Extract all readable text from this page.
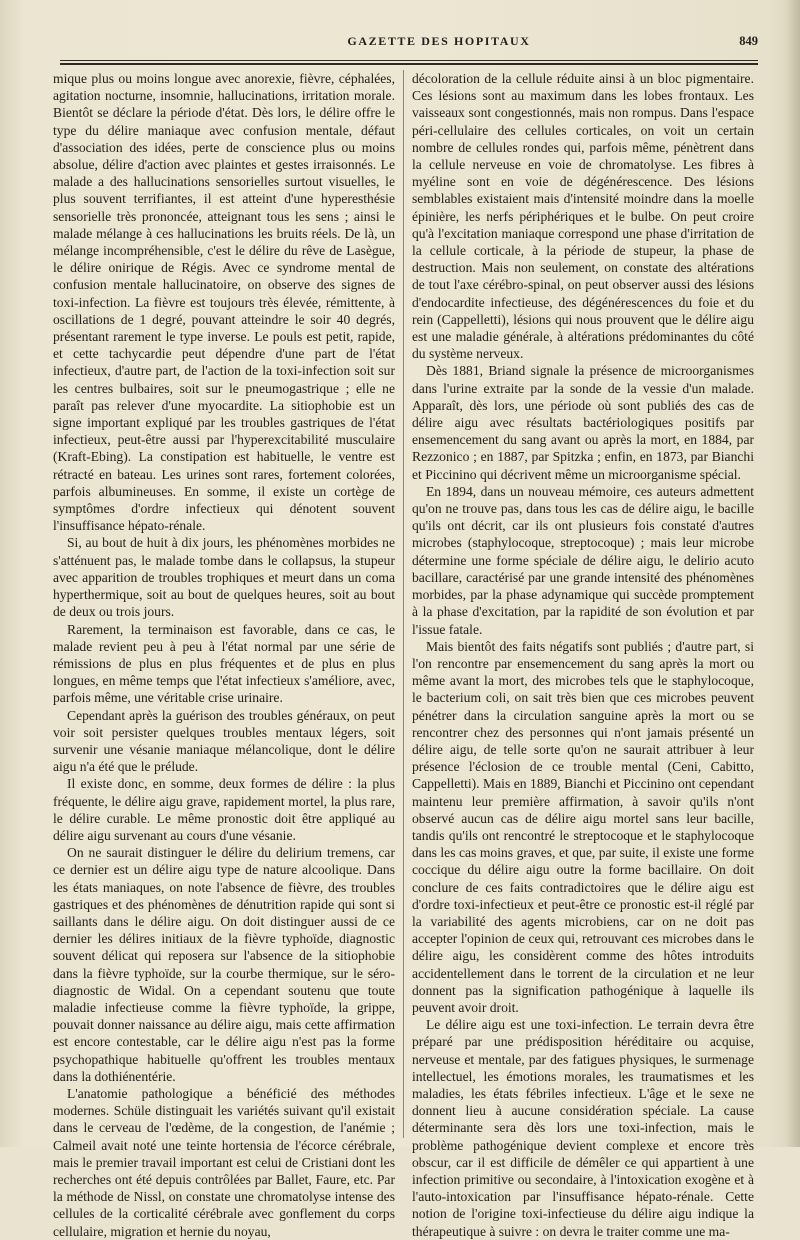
GAZETTE DES HOPITAUX	849

mique plus ou moins longue avec anorexie, fièvre, céphalées, agitation nocturne, insomnie, hallucinations, irritation morale. Bientôt se déclare la période d'état. Dès lors, le délire offre le type du délire maniaque avec confusion mentale, défaut d'association des idées, perte de conscience plus ou moins absolue, délire d'action avec plaintes et gestes irraisonnés. Le malade a des hallucinations sensorielles surtout visuelles, le plus souvent terrifiantes, il est atteint d'une hyperesthésie sensorielle très prononcée, atteignant tous les sens ; ainsi le malade mélange à ces hallucinations les bruits réels. De là, un mélange incompréhensible, c'est le délire du rêve de Lasègue, le délire onirique de Régis. Avec ce syndrome mental de confusion mentale hallucinatoire, on observe des signes de toxi-infection. La fièvre est toujours très élevée, rémittente, à oscillations de 1 degré, pouvant atteindre le soir 40 degrés, présentant rarement le type inverse. Le pouls est petit, rapide, et cette tachycardie peut dépendre d'une part de l'état infectieux, d'autre part, de l'action de la toxi-infection soit sur les centres bulbaires, soit sur le pneumogastrique ; elle ne paraît pas relever d'une myocardite. La sitiophobie est un signe important expliqué par les troubles gastriques de l'état infectieux, peut-être aussi par l'hyperexcitabilité musculaire (Kraft-Ebing). La constipation est habituelle, le ventre est rétracté en bateau. Les urines sont rares, fortement colorées, parfois albumineuses. En somme, il existe un cortège de symptômes d'ordre infectieux qui dénotent souvent l'insuffisance hépato-rénale.

Si, au bout de huit à dix jours, les phénomènes morbides ne s'atténuent pas, le malade tombe dans le collapsus, la stupeur avec apparition de troubles trophiques et meurt dans un coma hyperthermique, soit au bout de quelques heures, soit au bout de deux ou trois jours.

Rarement, la terminaison est favorable, dans ce cas, le malade revient peu à peu à l'état normal par une série de rémissions de plus en plus fréquentes et de plus en plus longues, en même temps que l'état infectieux s'améliore, avec, parfois même, une véritable crise urinaire.

Cependant après la guérison des troubles généraux, on peut voir soit persister quelques troubles mentaux légers, soit survenir une vésanie maniaque mélancolique, dont le délire aigu n'a été que le prélude.

Il existe donc, en somme, deux formes de délire : la plus fréquente, le délire aigu grave, rapidement mortel, la plus rare, le délire curable. Le même pronostic doit être appliqué au délire aigu survenant au cours d'une vésanie.

On ne saurait distinguer le délire du delirium tremens, car ce dernier est un délire aigu type de nature alcoolique. Dans les états maniaques, on note l'absence de fièvre, des troubles gastriques et des phénomènes de dénutrition rapide qui sont si saillants dans le délire aigu. On doit distinguer aussi de ce dernier les délires initiaux de la fièvre typhoïde, diagnostic souvent délicat qui reposera sur l'absence de la sitiophobie dans la fièvre typhoïde, sur la courbe thermique, sur le séro-diagnostic de Widal. On a cependant soutenu que toute maladie infectieuse comme la fièvre typhoïde, la grippe, pouvait donner naissance au délire aigu, mais cette affirmation est encore contestable, car le délire aigu n'est pas la forme psychopathique habituelle qu'offrent les troubles mentaux dans la dothiénentérie.

L'anatomie pathologique a bénéficié des méthodes modernes. Schüle distinguait les variétés suivant qu'il existait dans le cerveau de l'œdème, de la congestion, de l'anémie ; Calmeil avait noté une teinte hortensia de l'écorce cérébrale, mais le premier travail important est celui de Cristiani dont les recherches ont été depuis contrôlées par Ballet, Faure, etc. Par la méthode de Nissl, on constate une chromatolyse intense des cellules de la corticalité cérébrale avec gonflement du corps cellulaire, migration et hernie du noyau,

décoloration de la cellule réduite ainsi à un bloc pigmentaire. Ces lésions sont au maximum dans les lobes frontaux. Les vaisseaux sont congestionnés, mais non rompus. Dans l'espace péri-cellulaire des cellules corticales, on voit un certain nombre de cellules rondes qui, parfois même, pénètrent dans la cellule nerveuse en voie de chromatolyse. Les fibres à myéline sont en voie de dégénérescence. Des lésions semblables existaient mais d'intensité moindre dans la moelle épinière, les nerfs périphériques et le bulbe. On peut croire qu'à l'excitation maniaque correspond une phase d'irritation de la cellule corticale, à la période de stupeur, la phase de destruction. Mais non seulement, on constate des altérations de tout l'axe cérébro-spinal, on peut observer aussi des lésions d'endocardite infectieuse, des dégénérescences du foie et du rein (Cappelletti), lésions qui nous prouvent que le délire aigu est une maladie générale, à altérations prédominantes du côté du système nerveux.

Dès 1881, Briand signale la présence de microorganismes dans l'urine extraite par la sonde de la vessie d'un malade. Apparaît, dès lors, une période où sont publiés des cas de délire aigu avec résultats bactériologiques positifs par ensemencement du sang avant ou après la mort, en 1884, par Rezzonico ; en 1887, par Spitzka ; enfin, en 1873, par Bianchi et Piccinino qui décrivent même un microorganisme spécial.

En 1894, dans un nouveau mémoire, ces auteurs admettent qu'on ne trouve pas, dans tous les cas de délire aigu, le bacille qu'ils ont décrit, car ils ont plusieurs fois constaté d'autres microbes (staphylocoque, streptocoque) ; mais leur microbe détermine une forme spéciale de délire aigu, le delirio acuto bacillare, caractérisé par une grande intensité des phénomènes morbides, par la phase adynamique qui succède promptement à la phase d'excitation, par la rapidité de son évolution et par l'issue fatale.

Mais bientôt des faits négatifs sont publiés ; d'autre part, si l'on rencontre par ensemencement du sang après la mort ou même avant la mort, des microbes tels que le staphylocoque, le bacterium coli, on sait très bien que ces microbes peuvent pénétrer dans la circulation sanguine après la mort ou se rencontrer chez des personnes qui n'ont jamais présenté un délire aigu, de telle sorte qu'on ne saurait attribuer à leur présence l'éclosion de ce trouble mental (Ceni, Cabitto, Cappelletti). Mais en 1889, Bianchi et Piccinino ont cependant maintenu leur première affirmation, à savoir qu'ils n'ont observé aucun cas de délire aigu mortel sans leur bacille, tandis qu'ils ont rencontré le streptocoque et le staphylocoque dans les cas moins graves, et que, par suite, il existe une forme coccique du délire aigu outre la forme bacillaire. On doit conclure de ces faits contradictoires que le délire aigu est d'ordre toxi-infectieux et peut-être ce pronostic est-il réglé par la variabilité des agents microbiens, car on ne doit pas accepter l'opinion de ceux qui, retrouvant ces microbes dans le délire aigu, les considèrent comme des hôtes introduits accidentellement dans le torrent de la circulation et ne leur donnent pas la signification pathogénique à laquelle ils peuvent avoir droit.

Le délire aigu est une toxi-infection. Le terrain devra être préparé par une prédisposition héréditaire ou acquise, nerveuse et mentale, par des fatigues physiques, le surmenage intellectuel, les émotions morales, les traumatismes et les maladies, les états fébriles infectieux. L'âge et le sexe ne donnent lieu à aucune considération spéciale. La cause déterminante sera dès lors une toxi-infection, mais le problème pathogénique devient complexe et encore très obscur, car il est difficile de démêler ce qui appartient à une infection primitive ou secondaire, à l'intoxication exogène et à l'auto-intoxication par l'insuffisance hépato-rénale. Cette notion de l'origine toxi-infectieuse du délire aigu indique la thérapeutique à suivre : on devra le traiter comme une ma-
